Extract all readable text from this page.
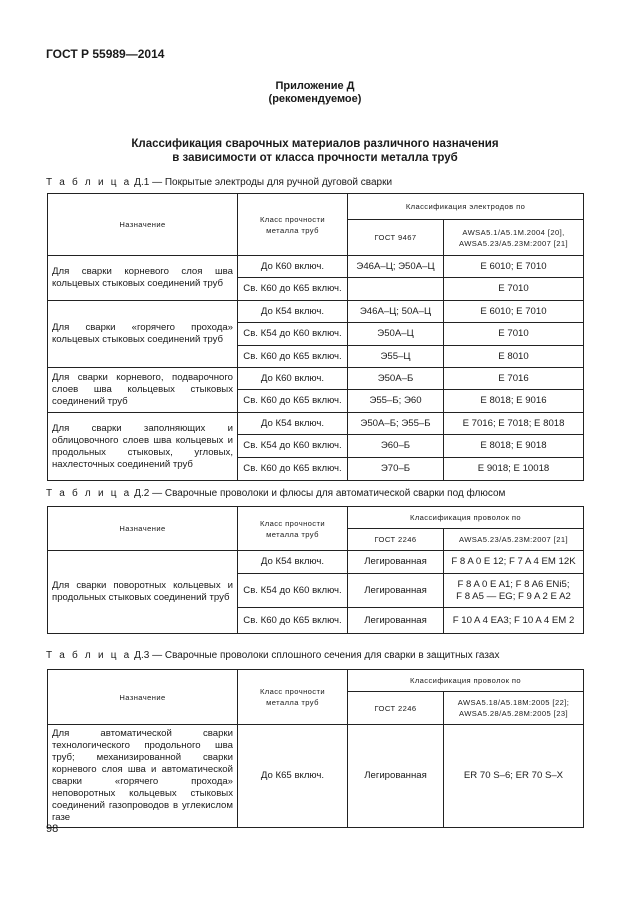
ГОСТ Р 55989—2014
Приложение Д
(рекомендуемое)
Классификация сварочных материалов различного назначения
в зависимости от класса прочности металла труб
Т а б л и ц а Д.1 — Покрытые электроды для ручной дуговой сварки
Назначение	Класс прочности
металла труб	Классификация электродов по	
		ГОСТ 9467	AWSA5.1/A5.1M.2004 [20],
AWSA5.23/A5.23M:2007 [21]
Для сварки корневого слоя шва кольцевых стыковых соединений труб	До К60 включ.	Э46А–Ц; Э50А–Ц	E 6010; E 7010
	Св. К60 до К65 включ.		E 7010
Для сварки «горячего прохода» кольцевых стыковых соединений труб	До К54 включ.	Э46А–Ц; 50А–Ц	E 6010; E 7010
	Св. К54 до К60 включ.	Э50А–Ц	E 7010
	Св. К60 до К65 включ.	Э55–Ц	E 8010
Для сварки корневого, подварочного слоев шва кольцевых стыковых соединений труб	До К60 включ.	Э50А–Б	E 7016
	Св. К60 до К65 включ.	Э55–Б; Э60	E 8018; E 9016
Для сварки заполняющих и облицовочного слоев шва кольцевых и продольных стыковых, угловых, нахлесточных соединений труб	До К54 включ.	Э50А–Б; Э55–Б	E 7016; E 7018; E 8018
	Св. К54 до К60 включ.	Э60–Б	E 8018; E 9018
	Св. К60 до К65 включ.	Э70–Б	E 9018; E 10018
Т а б л и ц а Д.2 — Сварочные проволоки и флюсы для автоматической сварки под флюсом
Назначение	Класс прочности
металла труб	Классификация проволок по	
		ГОСТ 2246	AWSA5.23/A5.23M:2007 [21]
Для сварки поворотных кольцевых и продольных стыковых соединений труб	До К54 включ.	Легированная	F 8 A 0 E 12; F 7 A 4 EM 12K
	Св. К54 до К60 включ.	Легированная	F 8 A 0 E A1; F 8 A6 ENi5;
F 8 A5 — EG; F 9 A 2 E A2
	Св. К60 до К65 включ.	Легированная	F 10 A 4 EA3; F 10 A 4 EM 2
Т а б л и ц а Д.3 — Сварочные проволоки сплошного сечения для сварки в защитных газах
Назначение	Класс прочности
металла труб	Классификация проволок по	
		ГОСТ 2246	AWSA5.18/A5.18M:2005 [22];
AWSA5.28/A5.28M:2005 [23]
Для автоматической сварки технологического продольного шва труб; механизированной сварки корневого слоя шва и автоматической сварки «горячего прохода» неповоротных кольцевых стыковых соединений газопроводов в углекислом газе	До К65 включ.	Легированная	ER 70 S–6; ER 70 S–X
98
